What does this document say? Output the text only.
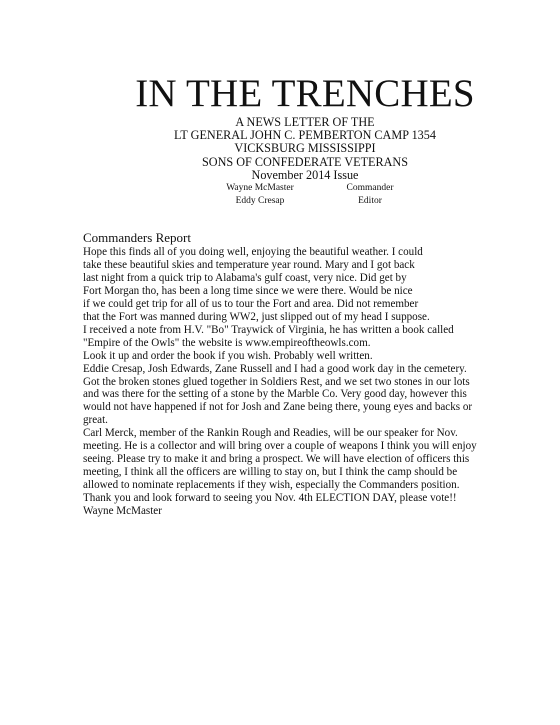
IN THE TRENCHES

A NEWS LETTER OF THE

LT GENERAL JOHN C. PEMBERTON CAMP 1354

VICKSBURG MISSISSIPPI

SONS OF CONFEDERATE VETERANS

November 2014 Issue

Wayne McMaster	Commander
Eddy Cresap	Editor
Commanders Report

Hope this finds all of you doing well, enjoying the beautiful weather. I could

take these beautiful skies and temperature year round. Mary and I got back

last night from a quick trip to Alabama's gulf coast, very nice. Did get by

Fort Morgan tho, has been a long time since we were there. Would be nice

if we could get trip for all of us to tour the Fort and area. Did not remember

that the Fort was manned during WW2, just slipped out of my head I suppose.

I received a note from H.V. "Bo" Traywick of Virginia, he has written a book called

"Empire of the Owls" the website is www.empireoftheowls.com.

Look it up and order the book if you wish. Probably well written.

Eddie Cresap, Josh Edwards, Zane Russell and I had a good work day in the cemetery.

Got the broken stones glued together in Soldiers Rest, and we set two stones in our lots

and was there for the setting of a stone by the Marble Co. Very good day, however this

would not have happened if not for Josh and Zane being there, young eyes and backs or

great.

Carl Merck, member of the Rankin Rough and Readies, will be our speaker for Nov.

meeting. He is a collector and will bring over a couple of weapons I think you will enjoy

seeing. Please try to make it and bring a prospect. We will have election of officers this

meeting, I think all the officers are willing to stay on, but I think the camp should be

allowed to nominate replacements if they wish, especially the Commanders position.

Thank you and look forward to seeing you Nov. 4th ELECTION DAY, please vote!!

Wayne McMaster
